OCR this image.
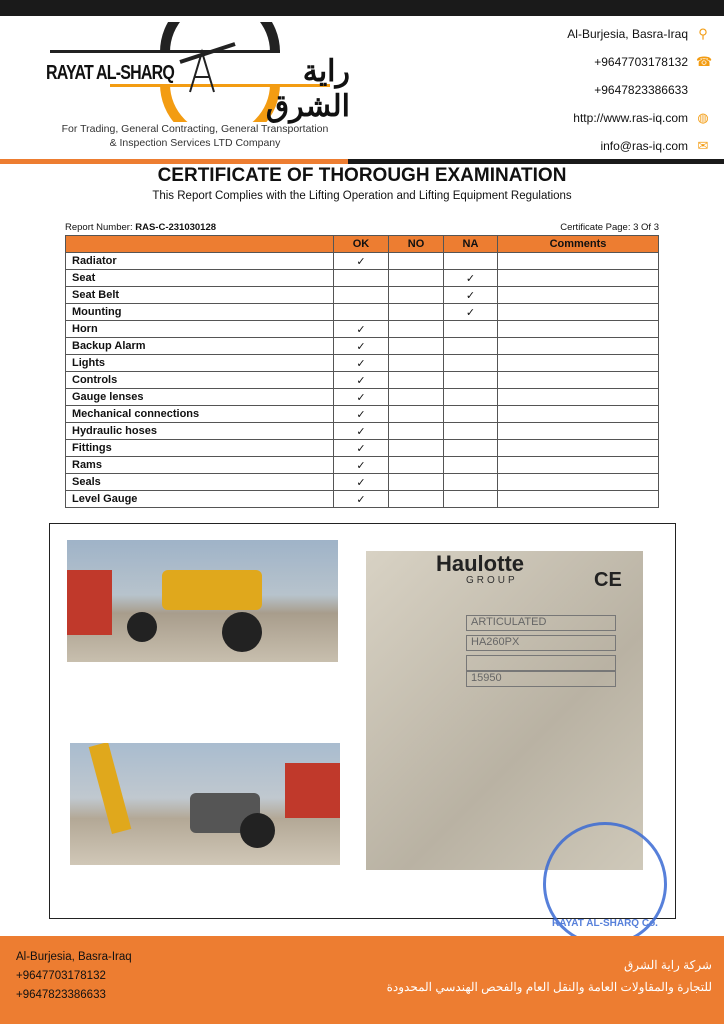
RAYAT AL-SHARQ	راية الشرق
For Trading, General Contracting, General Transportation
& Inspection Services LTD Company
Al-Burjesia, Basra-Iraq ⚲
+9647703178132 ☎
+9647823386633
http://www.ras-iq.com ◍
info@ras-iq.com ✉
CERTIFICATE OF THOROUGH EXAMINATION
This Report Complies with the Lifting Operation and Lifting Equipment Regulations
Report Number: RAS-C-231030128	Certificate Page: 3 Of 3
	OK	NO	NA	Comments
Radiator	✓			
Seat			✓	
Seat Belt			✓	
Mounting			✓	
Horn	✓			
Backup Alarm	✓			
Lights	✓			
Controls	✓			
Gauge lenses	✓			
Mechanical connections	✓			
Hydraulic hoses	✓			
Fittings	✓			
Rams	✓			
Seals	✓			
Level Gauge	✓			
Haulotte
GROUP	CE
ARTICULATED
HA260PX
15950
RAYAT AL-SHARQ Co.
Al-Burjesia, Basra-Iraq
+9647703178132
+9647823386633
شركة راية الشرق
للتجارة والمقاولات العامة والنقل العام والفحص الهندسي المحدودة
